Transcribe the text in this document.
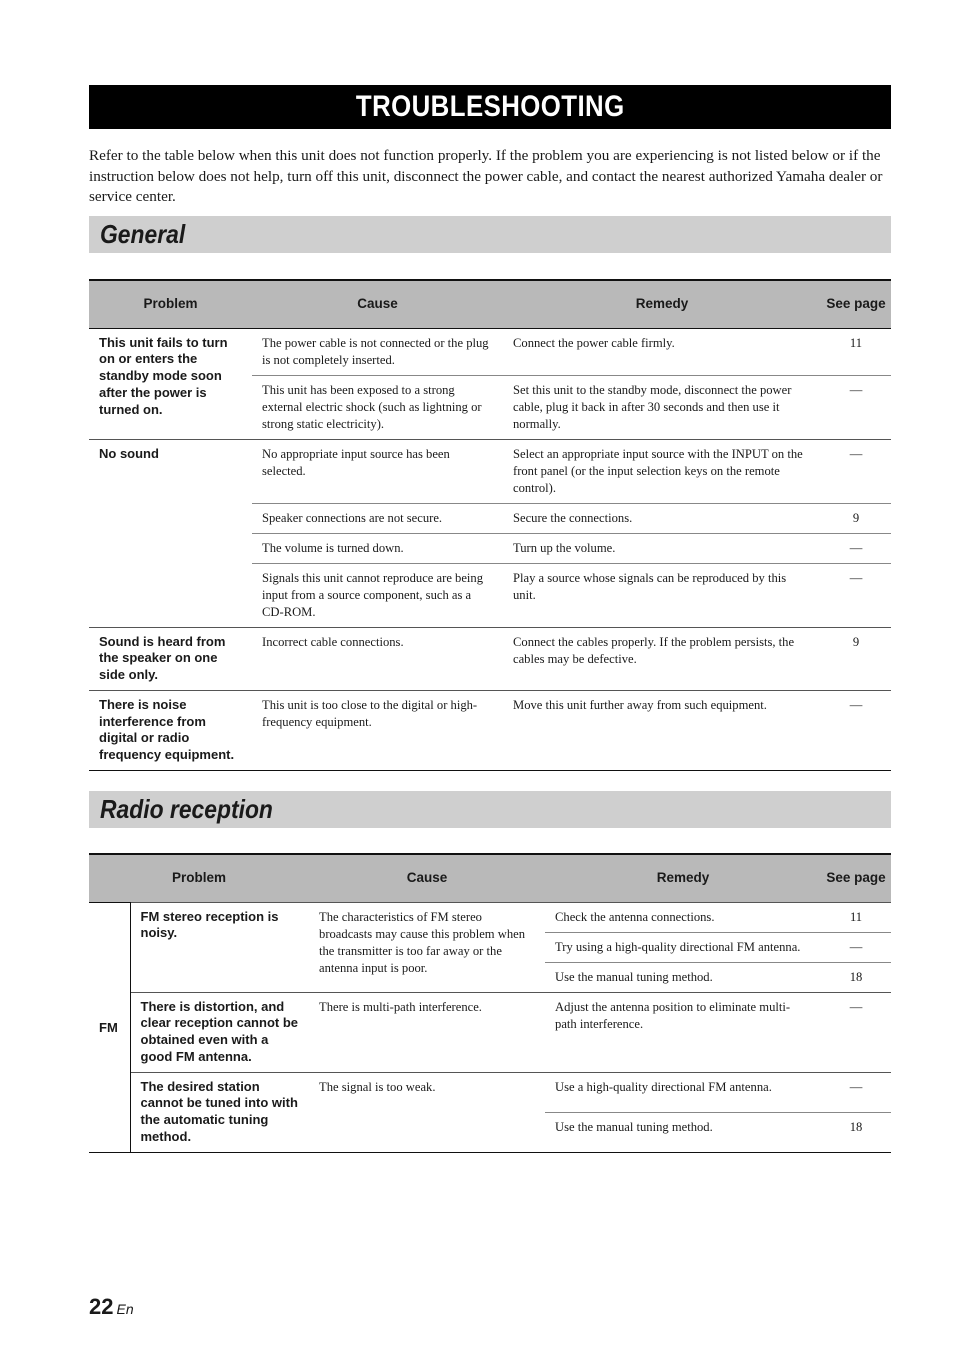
TROUBLESHOOTING
Refer to the table below when this unit does not function properly. If the problem you are experiencing is not listed below or if the instruction below does not help, turn off this unit, disconnect the power cable, and contact the nearest authorized Yamaha dealer or service center.
General
Problem	Cause	Remedy	See page
This unit fails to turn on or enters the standby mode soon after the power is turned on.	The power cable is not connected or the plug is not completely inserted.	Connect the power cable firmly.	11
	This unit has been exposed to a strong external electric shock (such as lightning or strong static electricity).	Set this unit to the standby mode, disconnect the power cable, plug it back in after 30 seconds and then use it normally.	—
No sound	No appropriate input source has been selected.	Select an appropriate input source with the INPUT on the front panel (or the input selection keys on the remote control).	—
	Speaker connections are not secure.	Secure the connections.	9
	The volume is turned down.	Turn up the volume.	—
	Signals this unit cannot reproduce are being input from a source component, such as a CD-ROM.	Play a source whose signals can be reproduced by this unit.	—
Sound is heard from the speaker on one side only.	Incorrect cable connections.	Connect the cables properly. If the problem persists, the cables may be defective.	9
There is noise interference from digital or radio frequency equipment.	This unit is too close to the digital or high-frequency equipment.	Move this unit further away from such equipment.	—
Radio reception
Problem		Cause	Remedy	See page
FM	FM stereo reception is noisy.	The characteristics of FM stereo broadcasts may cause this problem when the transmitter is too far away or the antenna input is poor.	Check the antenna connections.	11
			Try using a high-quality directional FM antenna.	—
			Use the manual tuning method.	18
	There is distortion, and clear reception cannot be obtained even with a good FM antenna.	There is multi-path interference.	Adjust the antenna position to eliminate multi-path interference.	—
	The desired station cannot be tuned into with the automatic tuning method.	The signal is too weak.	Use a high-quality directional FM antenna.	—
			Use the manual tuning method.	18
22 En
